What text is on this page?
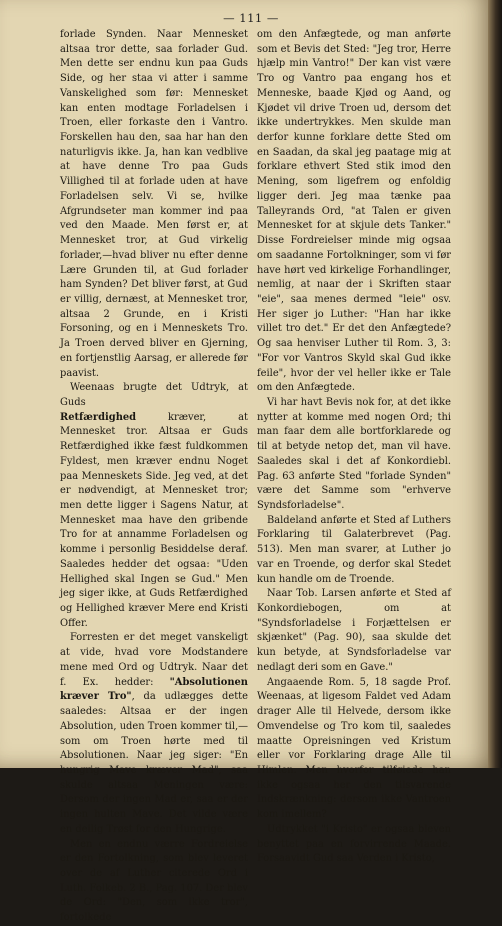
— 111 —

forlade Synden. Naar Mennesket altsaa tror dette, saa forlader Gud. Men dette ser endnu kun paa Guds Side, og her staa vi atter i samme Vanskelighed som før: Mennesket kan enten modtage Forladelsen i Troen, eller forkaste den i Vantro. Forskellen hau den, saa har han den naturligvis ikke. Ja, han kan vedblive at have denne Tro paa Guds Villighed til at forlade uden at have Forladelsen selv. Vi se, hvilke Afgrundseter man kommer ind paa ved den Maade. Men først er, at Mennesket tror, at Gud virkelig forlader,—hvad bliver nu efter denne Lære Grunden til, at Gud forlader ham Synden? Det bliver først, at Gud er villig, dernæst, at Mennesket tror, altsaa 2 Grunde, en i Kristi Forsoning, og en i Menneskets Tro. Ja Troen derved bliver en Gjerning, en fortjenstlig Aarsag, er allerede før paavist.

Weenaas brugte det Udtryk, at Guds

Retfærdighed kræver, at Mennesket tror. Altsaa er Guds Retfærdighed ikke fæst fuldkommen Fyldest, men kræver endnu Noget paa Menneskets Side. Jeg ved, at det er nødvendigt, at Mennesket tror; men dette ligger i Sagens Natur, at Mennesket maa have den gribende Tro for at annamme Forladelsen og komme i personlig Besiddelse deraf. Saaledes hedder det ogsaa: "Uden Hellighed skal Ingen se Gud." Men jeg siger ikke, at Guds Retfærdighed og Hellighed kræver Mere end Kristi Offer.

Forresten er det meget vanskeligt at vide, hvad vore Modstandere mene med Ord og Udtryk. Naar det f. Ex. hedder: "Absolutionen kræver Tro", da udlægges dette saaledes: Altsaa er der ingen Absolution, uden Troen kommer til,—som om Troen hørte med til Absolutionen. Naar jeg siger: "En hungrig Mave kræver Mad", saa skulde altsaa Meningen være: Dersom der ingen Mad er, saa er der ingen hulten Mave. Det vilde være en deilig Trøst for den Hungrige.

Men en endnu værre Fordreielse er den Fortolkning, som blev leveret over de af Luther citerede Ord i Luth. Folkeb. 2 B., Pag. 107. Der blev de Ord: "Den, som ikke tror", fortolkede

om den Anfægtede, og man anførte som et Bevis det Sted: "Jeg tror, Herre hjælp min Vantro!" Der kan vist være Tro og Vantro paa engang hos et Menneske, baade Kjød og Aand, og Kjødet vil drive Troen ud, dersom det ikke undertrykkes. Men skulde man derfor kunne forklare dette Sted om en Saadan, da skal jeg paatage mig at forklare ethvert Sted stik imod den Mening, som ligefrem og enfoldig ligger deri. Jeg maa tænke paa Talleyrands Ord, "at Talen er given Mennesket for at skjule dets Tanker." Disse Fordreielser minde mig ogsaa om saadanne Fortolkninger, som vi før have hørt ved kirkelige Forhandlinger, nemlig, at naar der i Skriften staar "eie", saa menes dermed "leie" osv. Her siger jo Luther: "Han har ikke villet tro det." Er det den Anfægtede? Og saa henviser Luther til Rom. 3, 3: "For vor Vantros Skyld skal Gud ikke feile", hvor der vel heller ikke er Tale om den Anfægtede.

Vi har havt Bevis nok for, at det ikke nytter at komme med nogen Ord; thi man faar dem alle bortforklarede og til at betyde netop det, man vil have. Saaledes skal i det af Konkordiebl. Pag. 63 anførte Sted "forlade Synden" være det Samme som "erhverve Syndsforladelse".

Baldeland anførte et Sted af Luthers Forklaring til Galaterbrevet (Pag. 513). Men man svarer, at Luther jo var en Troende, og derfor skal Stedet kun handle om de Troende.

Naar Tob. Larsen anførte et Sted af Konkordiebogen, om at "Syndsforladelse i Forjættelsen er skjænket" (Pag. 90), saa skulde det kun betyde, at Syndsforladelse var nedlagt deri som en Gave."

Angaaende Rom. 5, 18 sagde Prof. Weenaas, at ligesom Faldet ved Adam drager Alle til Helvede, dersom ikke Omvendelse og Tro kom til, saaledes maatte Opreisningen ved Kristum eller vor Forklaring drage Alle til Himlen. Men hvorfor tilføiede han ikke ogsaa her den tilsvarende Indskrænkning: dersom ikke Vantroen kom imellem?

Udtrykket "i Kristo" er ogsaa bleven benyttet paa en forvirrende Maade. Forsaavidt Gud saa Verden i Kristo,
